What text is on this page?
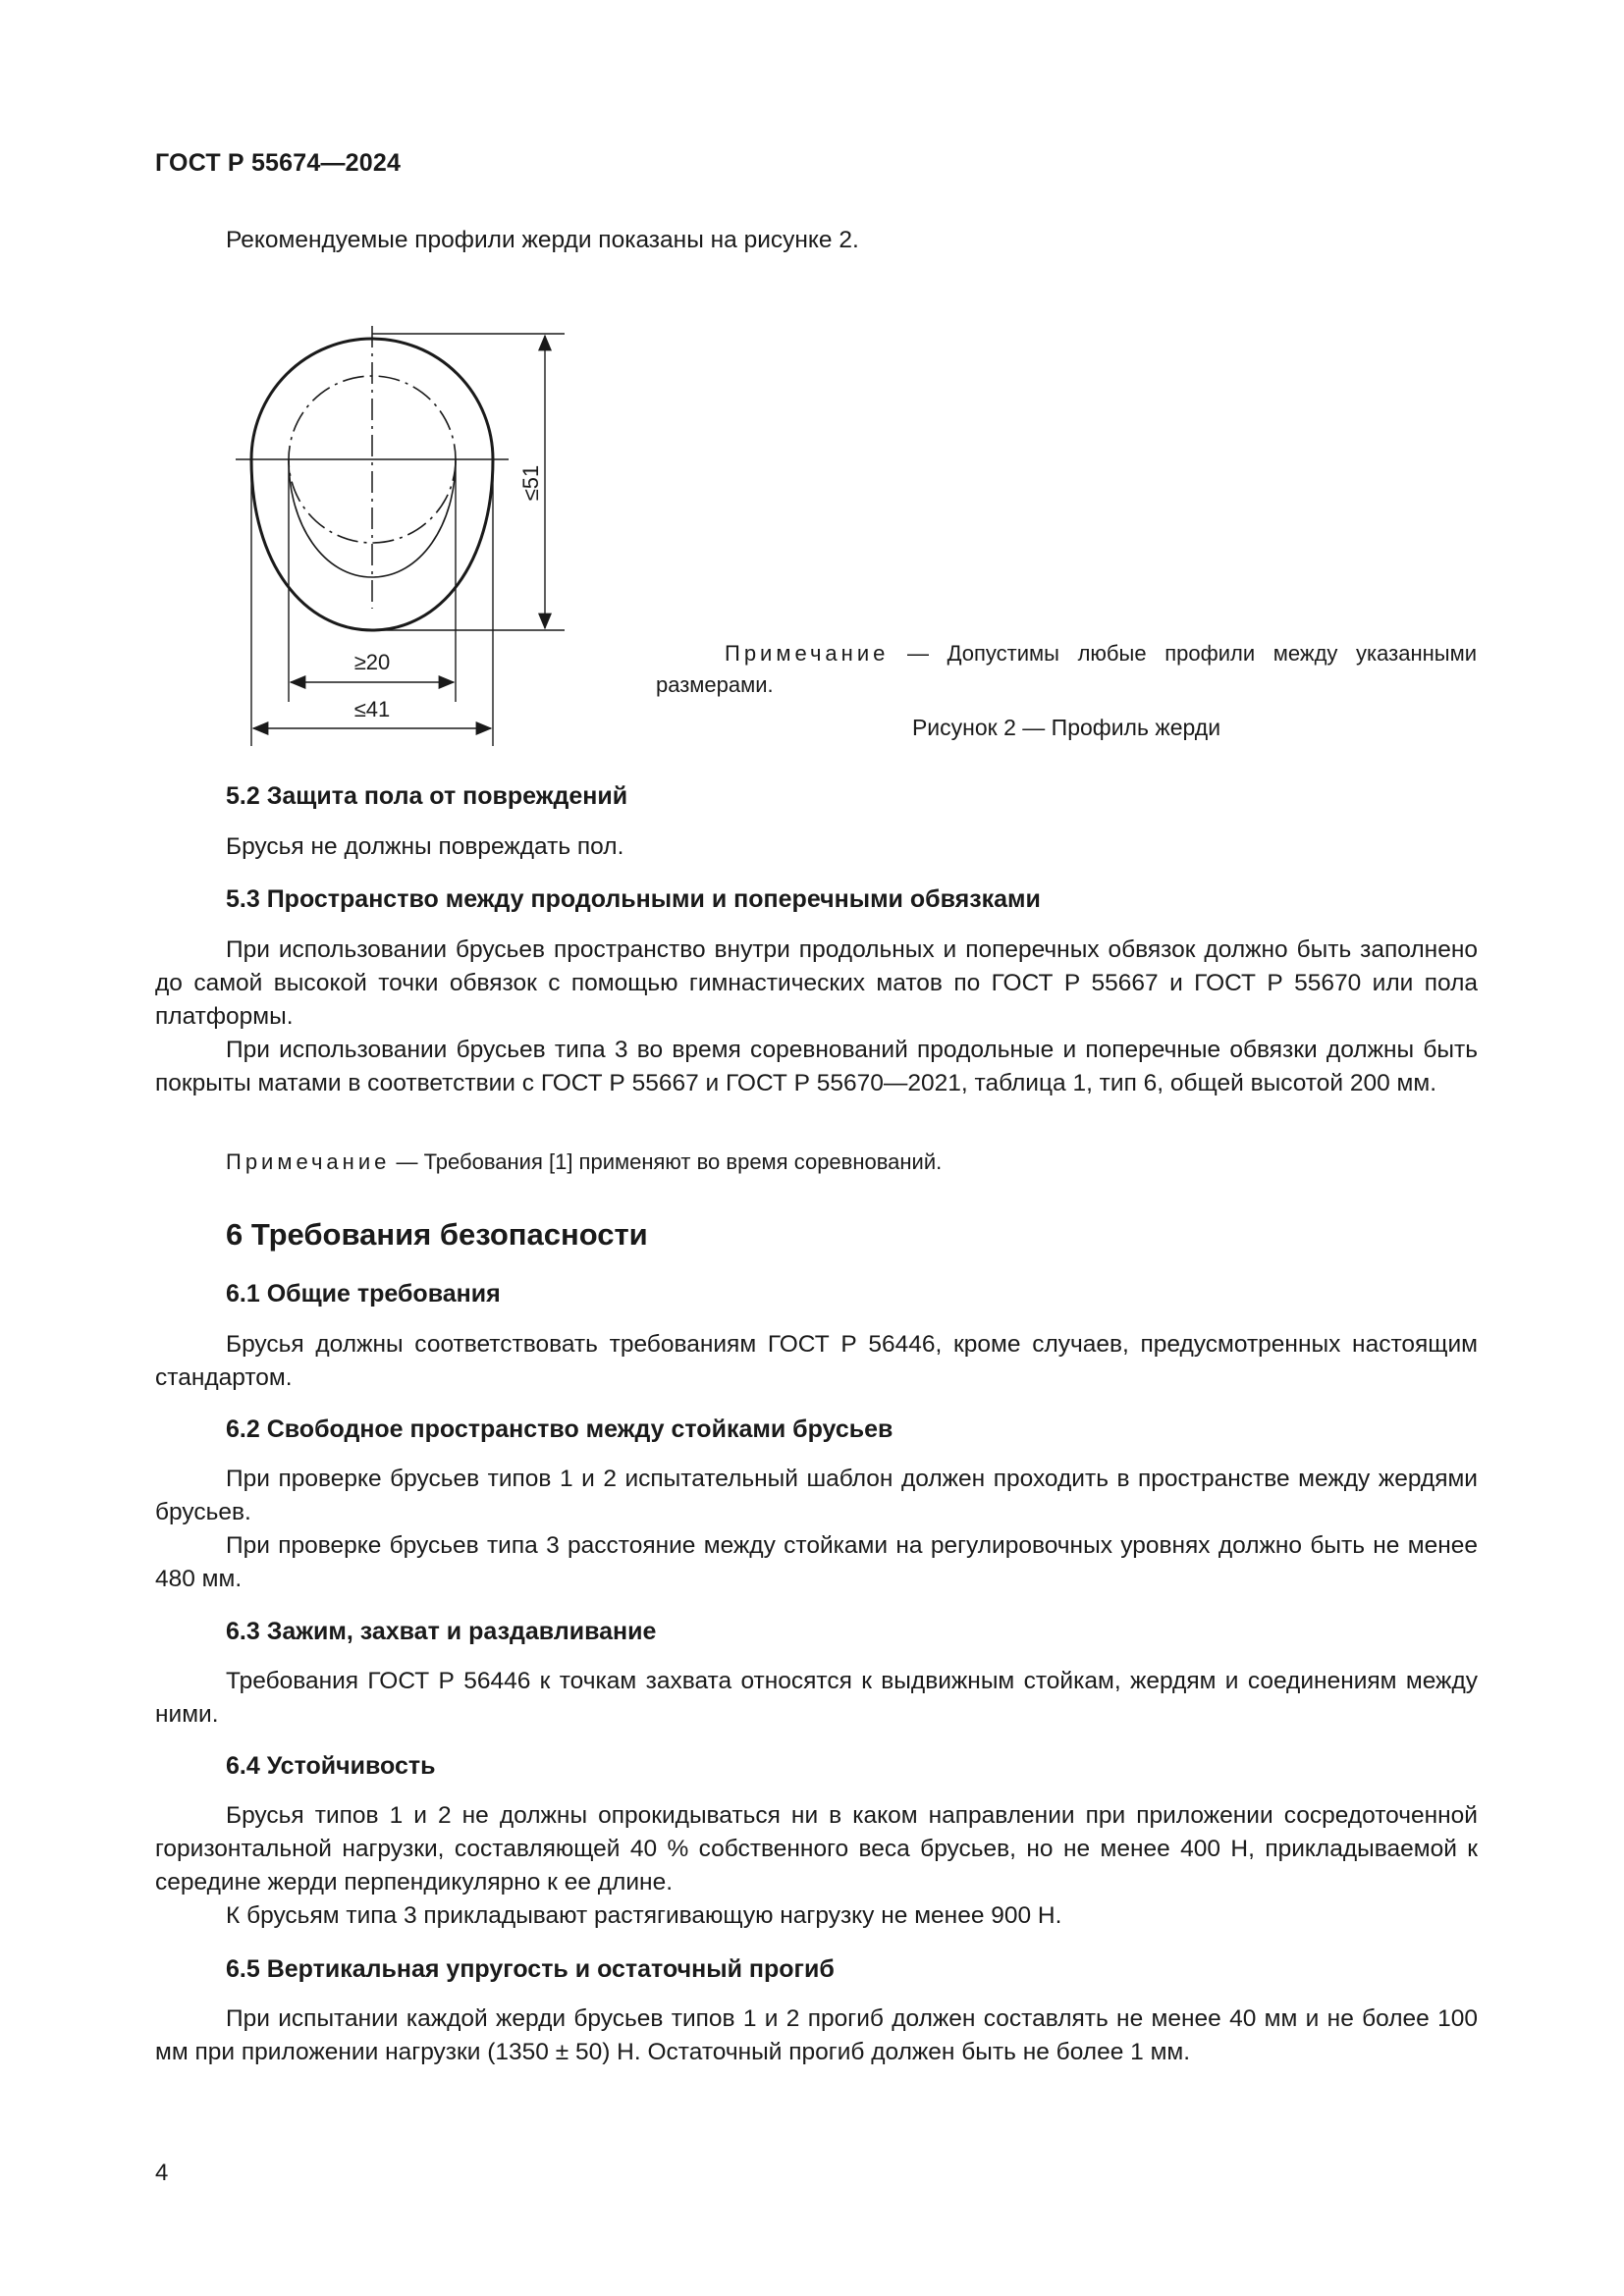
ГОСТ Р 55674—2024
Рекомендуемые профили жерди показаны на рисунке 2.
≤51
≥20
≤41
Примечание — Допустимы любые профили между указанными размерами.
Рисунок 2 — Профиль жерди
5.2 Защита пола от повреждений
Брусья не должны повреждать пол.
5.3 Пространство между продольными и поперечными обвязками
При использовании брусьев пространство внутри продольных и поперечных обвязок должно быть заполнено до самой высокой точки обвязок с помощью гимнастических матов по ГОСТ Р 55667 и ГОСТ Р 55670 или пола платформы.
При использовании брусьев типа 3 во время соревнований продольные и поперечные обвязки должны быть покрыты матами в соответствии с ГОСТ Р 55667 и ГОСТ Р 55670—2021, таблица 1, тип 6, общей высотой 200 мм.
Примечание — Требования [1] применяют во время соревнований.
6 Требования безопасности
6.1 Общие требования
Брусья должны соответствовать требованиям ГОСТ Р 56446, кроме случаев, предусмотренных настоящим стандартом.
6.2 Свободное пространство между стойками брусьев
При проверке брусьев типов 1 и 2 испытательный шаблон должен проходить в пространстве между жердями брусьев.
При проверке брусьев типа 3 расстояние между стойками на регулировочных уровнях должно быть не менее 480 мм.
6.3 Зажим, захват и раздавливание
Требования ГОСТ Р 56446 к точкам захвата относятся к выдвижным стойкам, жердям и соединениям между ними.
6.4 Устойчивость
Брусья типов 1 и 2 не должны опрокидываться ни в каком направлении при приложении сосредоточенной горизонтальной нагрузки, составляющей 40 % собственного веса брусьев, но не менее 400 Н, прикладываемой к середине жерди перпендикулярно к ее длине.
К брусьям типа 3 прикладывают растягивающую нагрузку не менее 900 Н.
6.5 Вертикальная упругость и остаточный прогиб
При испытании каждой жерди брусьев типов 1 и 2 прогиб должен составлять не менее 40 мм и не более 100 мм при приложении нагрузки (1350 ± 50) Н. Остаточный прогиб должен быть не более 1 мм.
4
